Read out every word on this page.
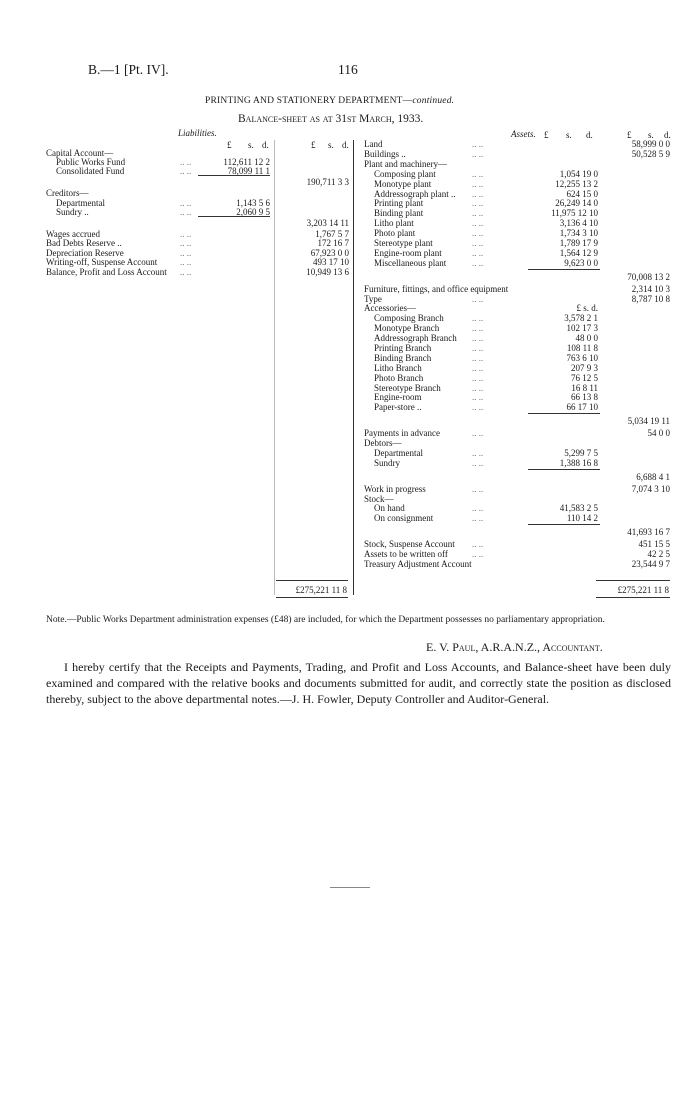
B.—1 [Pt. IV].	116
PRINTING AND STATIONERY DEPARTMENT—continued.
Balance-sheet as at 31st March, 1933.
Liabilities.	Assets.
£ s. d.	£ s. d.
£ s. d.	£ s. d.
Capital Account—
Public Works Fund	.. ..	112,611 12 2
Consolidated Fund	.. ..	78,099 11 1
190,711 3 3
Creditors—
Departmental	.. ..	1,143 5 6
Sundry ..	.. ..	2,060 9 5
3,203 14 11
Wages accrued	.. ..	1,767 5 7
Bad Debts Reserve ..	.. ..	172 16 7
Depreciation Reserve	.. ..	67,923 0 0
Writing-off, Suspense Account	.. ..	493 17 10
Balance, Profit and Loss Account .. ..	10,949 13 6
Land	.. ..	58,999 0 0
Buildings ..	.. ..	50,528 5 9
Plant and machinery—
Composing plant	.. ..	1,054 19 0
Monotype plant	.. ..	12,255 13 2
Addressograph plant .. .. ..	624 15 0
Printing plant	.. ..	26,249 14 0
Binding plant	.. ..	11,975 12 10
Litho plant	.. ..	3,136 4 10
Photo plant	.. ..	1,734 3 10
Stereotype plant	.. ..	1,789 17 9
Engine-room plant	.. ..	1,564 12 9
Miscellaneous plant	.. ..	9,623 0 0
70,008 13 2
Furniture, fittings, and office equipment	2,314 10 3
Type	.. ..	8,787 10 8
Accessories—	£ s. d.
Composing Branch	.. ..	3,578 2 1
Monotype Branch	.. ..	102 17 3
Addressograph Branch .. ..	48 0 0
Printing Branch	.. ..	108 11 8
Binding Branch	.. ..	763 6 10
Litho Branch	.. ..	207 9 3
Photo Branch	.. ..	76 12 5
Stereotype Branch	.. ..	16 8 11
Engine-room	.. ..	66 13 8
Paper-store ..	.. ..	66 17 10
5,034 19 11
Payments in advance	.. ..	54 0 0
Debtors—
Departmental	.. ..	5,299 7 5
Sundry	.. ..	1,388 16 8
6,688 4 1
Work in progress	.. ..	7,074 3 10
Stock—
On hand	.. ..	41,583 2 5
On consignment	.. ..	110 14 2
41,693 16 7
Stock, Suspense Account .. ..	451 15 5
Assets to be written off	.. ..	42 2 5
Treasury Adjustment Account	23,544 9 7
£275,221 11 8	£275,221 11 8

Note.—Public Works Department administration expenses (£48) are included, for which the Department possesses no parliamentary appropriation.

E. V. Paul, A.R.A.N.Z., Accountant.

I hereby certify that the Receipts and Payments, Trading, and Profit and Loss Accounts, and Balance-sheet have been duly examined and compared with the relative books and documents submitted for audit, and correctly state the position as disclosed thereby, subject to the above departmental notes.—J. H. Fowler, Deputy Controller and Auditor-General.
